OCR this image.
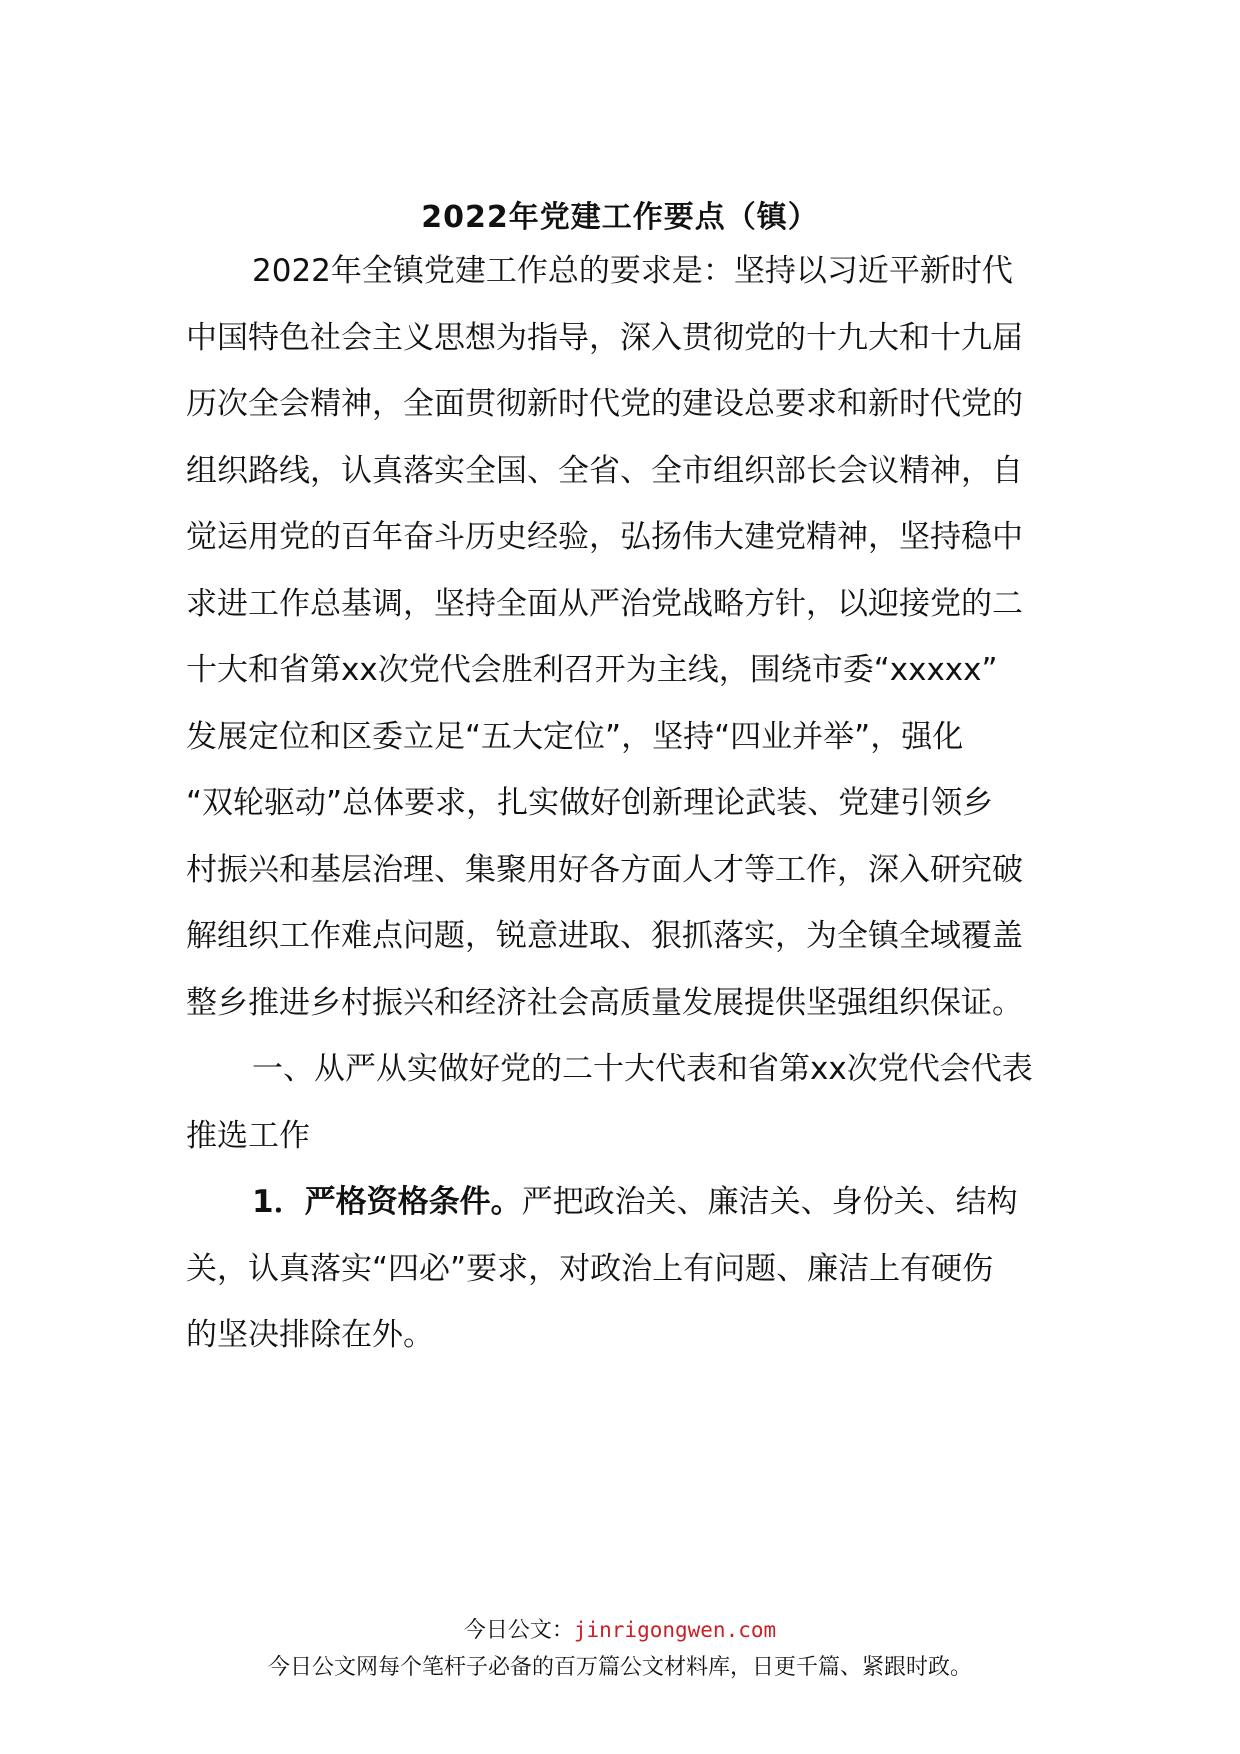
2022年党建工作要点（镇）
2022年全镇党建工作总的要求是：坚持以习近平新时代
中国特色社会主义思想为指导，深入贯彻党的十九大和十九届
历次全会精神，全面贯彻新时代党的建设总要求和新时代党的
组织路线，认真落实全国、全省、全市组织部长会议精神，自
觉运用党的百年奋斗历史经验，弘扬伟大建党精神，坚持稳中
求进工作总基调，坚持全面从严治党战略方针，以迎接党的二
十大和省第xx次党代会胜利召开为主线，围绕市委“xxxxx”
发展定位和区委立足“五大定位”，坚持“四业并举”，强化
“双轮驱动”总体要求，扎实做好创新理论武装、党建引领乡
村振兴和基层治理、集聚用好各方面人才等工作，深入研究破
解组织工作难点问题，锐意进取、狠抓落实，为全镇全域覆盖
整乡推进乡村振兴和经济社会高质量发展提供坚强组织保证。
一、从严从实做好党的二十大代表和省第xx次党代会代表
推选工作
1．严格资格条件。严把政治关、廉洁关、身份关、结构
关，认真落实“四必”要求，对政治上有问题、廉洁上有硬伤
的坚决排除在外。
今日公文：jinrigongwen.com
今日公文网每个笔杆子必备的百万篇公文材料库，日更千篇、紧跟时政。
